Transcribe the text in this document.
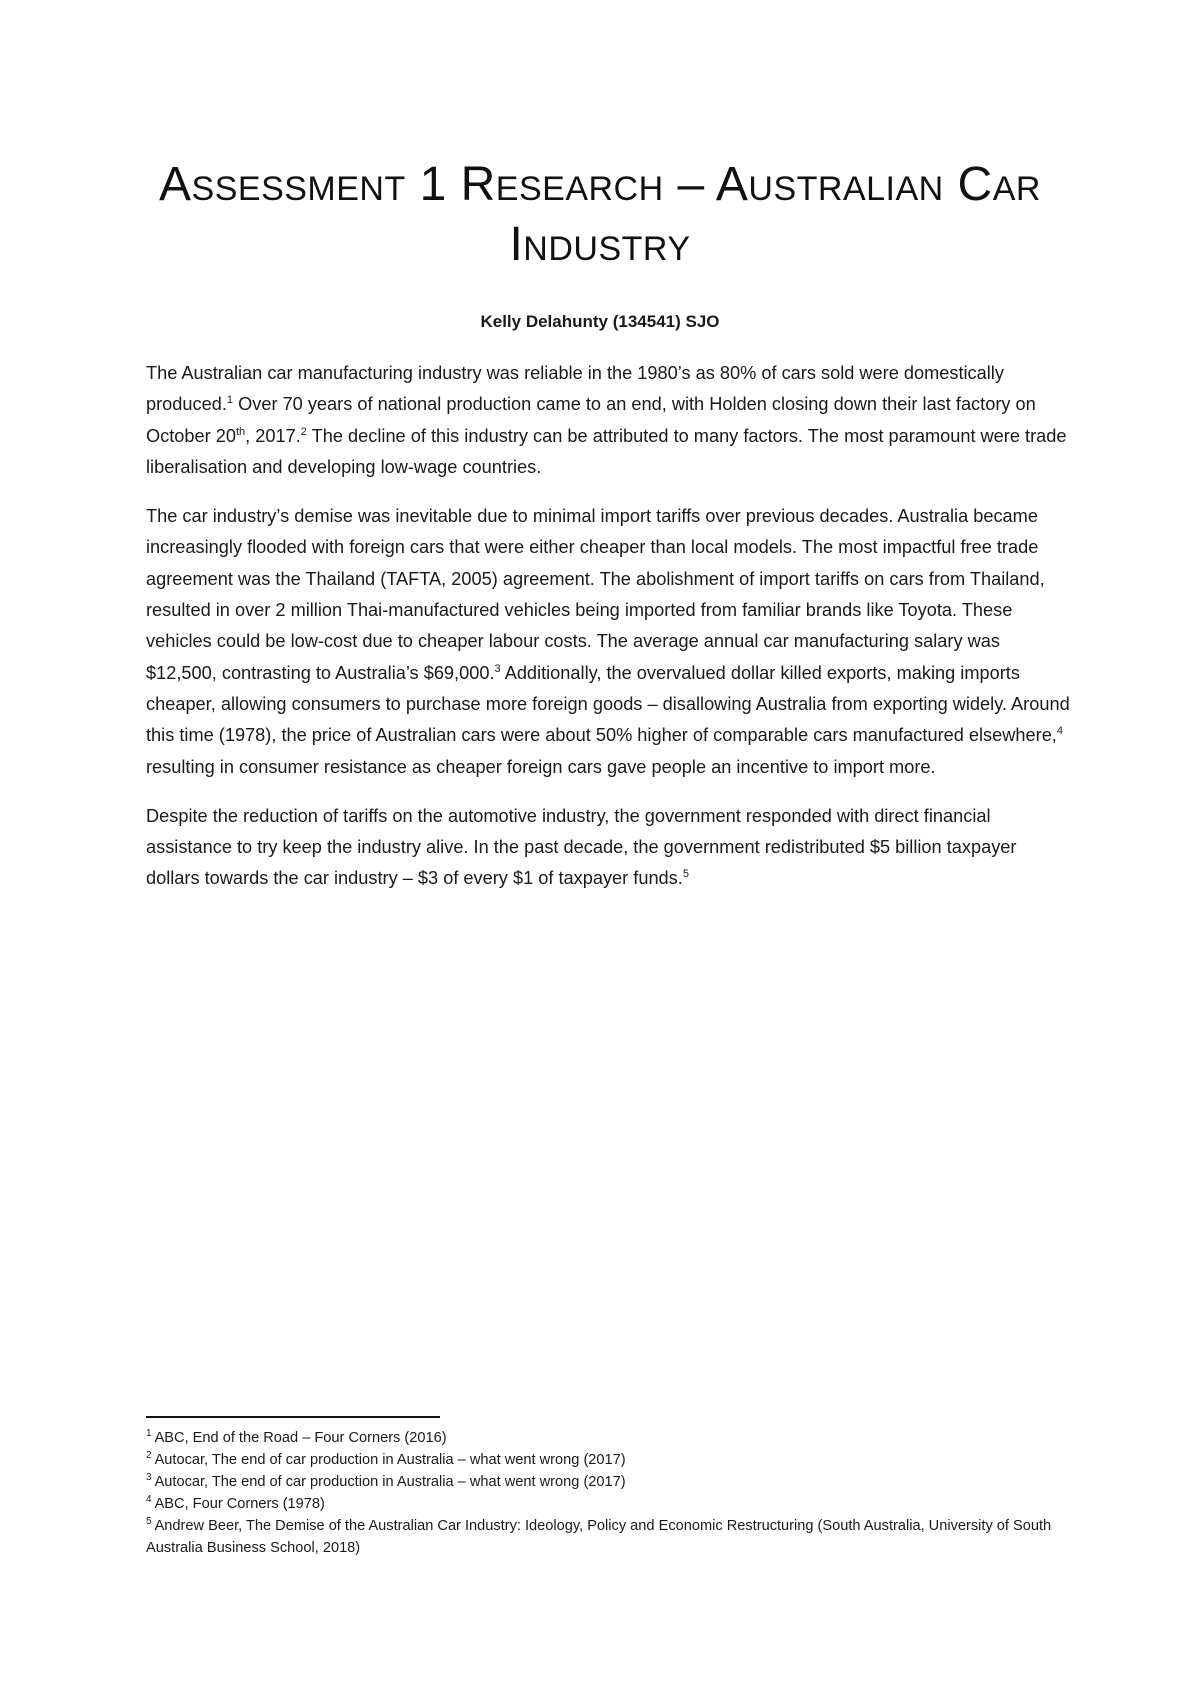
Assessment 1 Research – Australian Car Industry

Kelly Delahunty (134541) SJO

The Australian car manufacturing industry was reliable in the 1980’s as 80% of cars sold were domestically produced.$^1$ Over 70 years of national production came to an end, with Holden closing down their last factory on October 20th, 2017.$^2$ The decline of this industry can be attributed to many factors. The most paramount were trade liberalisation and developing low-wage countries.

The car industry’s demise was inevitable due to minimal import tariffs over previous decades. Australia became increasingly flooded with foreign cars that were either cheaper than local models. The most impactful free trade agreement was the Thailand (TAFTA, 2005) agreement. The abolishment of import tariffs on cars from Thailand, resulted in over 2 million Thai-manufactured vehicles being imported from familiar brands like Toyota. These vehicles could be low-cost due to cheaper labour costs. The average annual car manufacturing salary was $12,500, contrasting to Australia’s $69,000.$^3$ Additionally, the overvalued dollar killed exports, making imports cheaper, allowing consumers to purchase more foreign goods – disallowing Australia from exporting widely. Around this time (1978), the price of Australian cars were about 50% higher of comparable cars manufactured elsewhere,$^4$ resulting in consumer resistance as cheaper foreign cars gave people an incentive to import more.

Despite the reduction of tariffs on the automotive industry, the government responded with direct financial assistance to try keep the industry alive. In the past decade, the government redistributed $5 billion taxpayer dollars towards the car industry – $3 of every $1 of taxpayer funds.$^5$

$^1$ ABC, End of the Road – Four Corners (2016)

$^2$ Autocar, The end of car production in Australia – what went wrong (2017)

$^3$ Autocar, The end of car production in Australia – what went wrong (2017)

$^4$ ABC, Four Corners (1978)

$^5$ Andrew Beer, The Demise of the Australian Car Industry: Ideology, Policy and Economic Restructuring (South Australia, University of South Australia Business School, 2018)
